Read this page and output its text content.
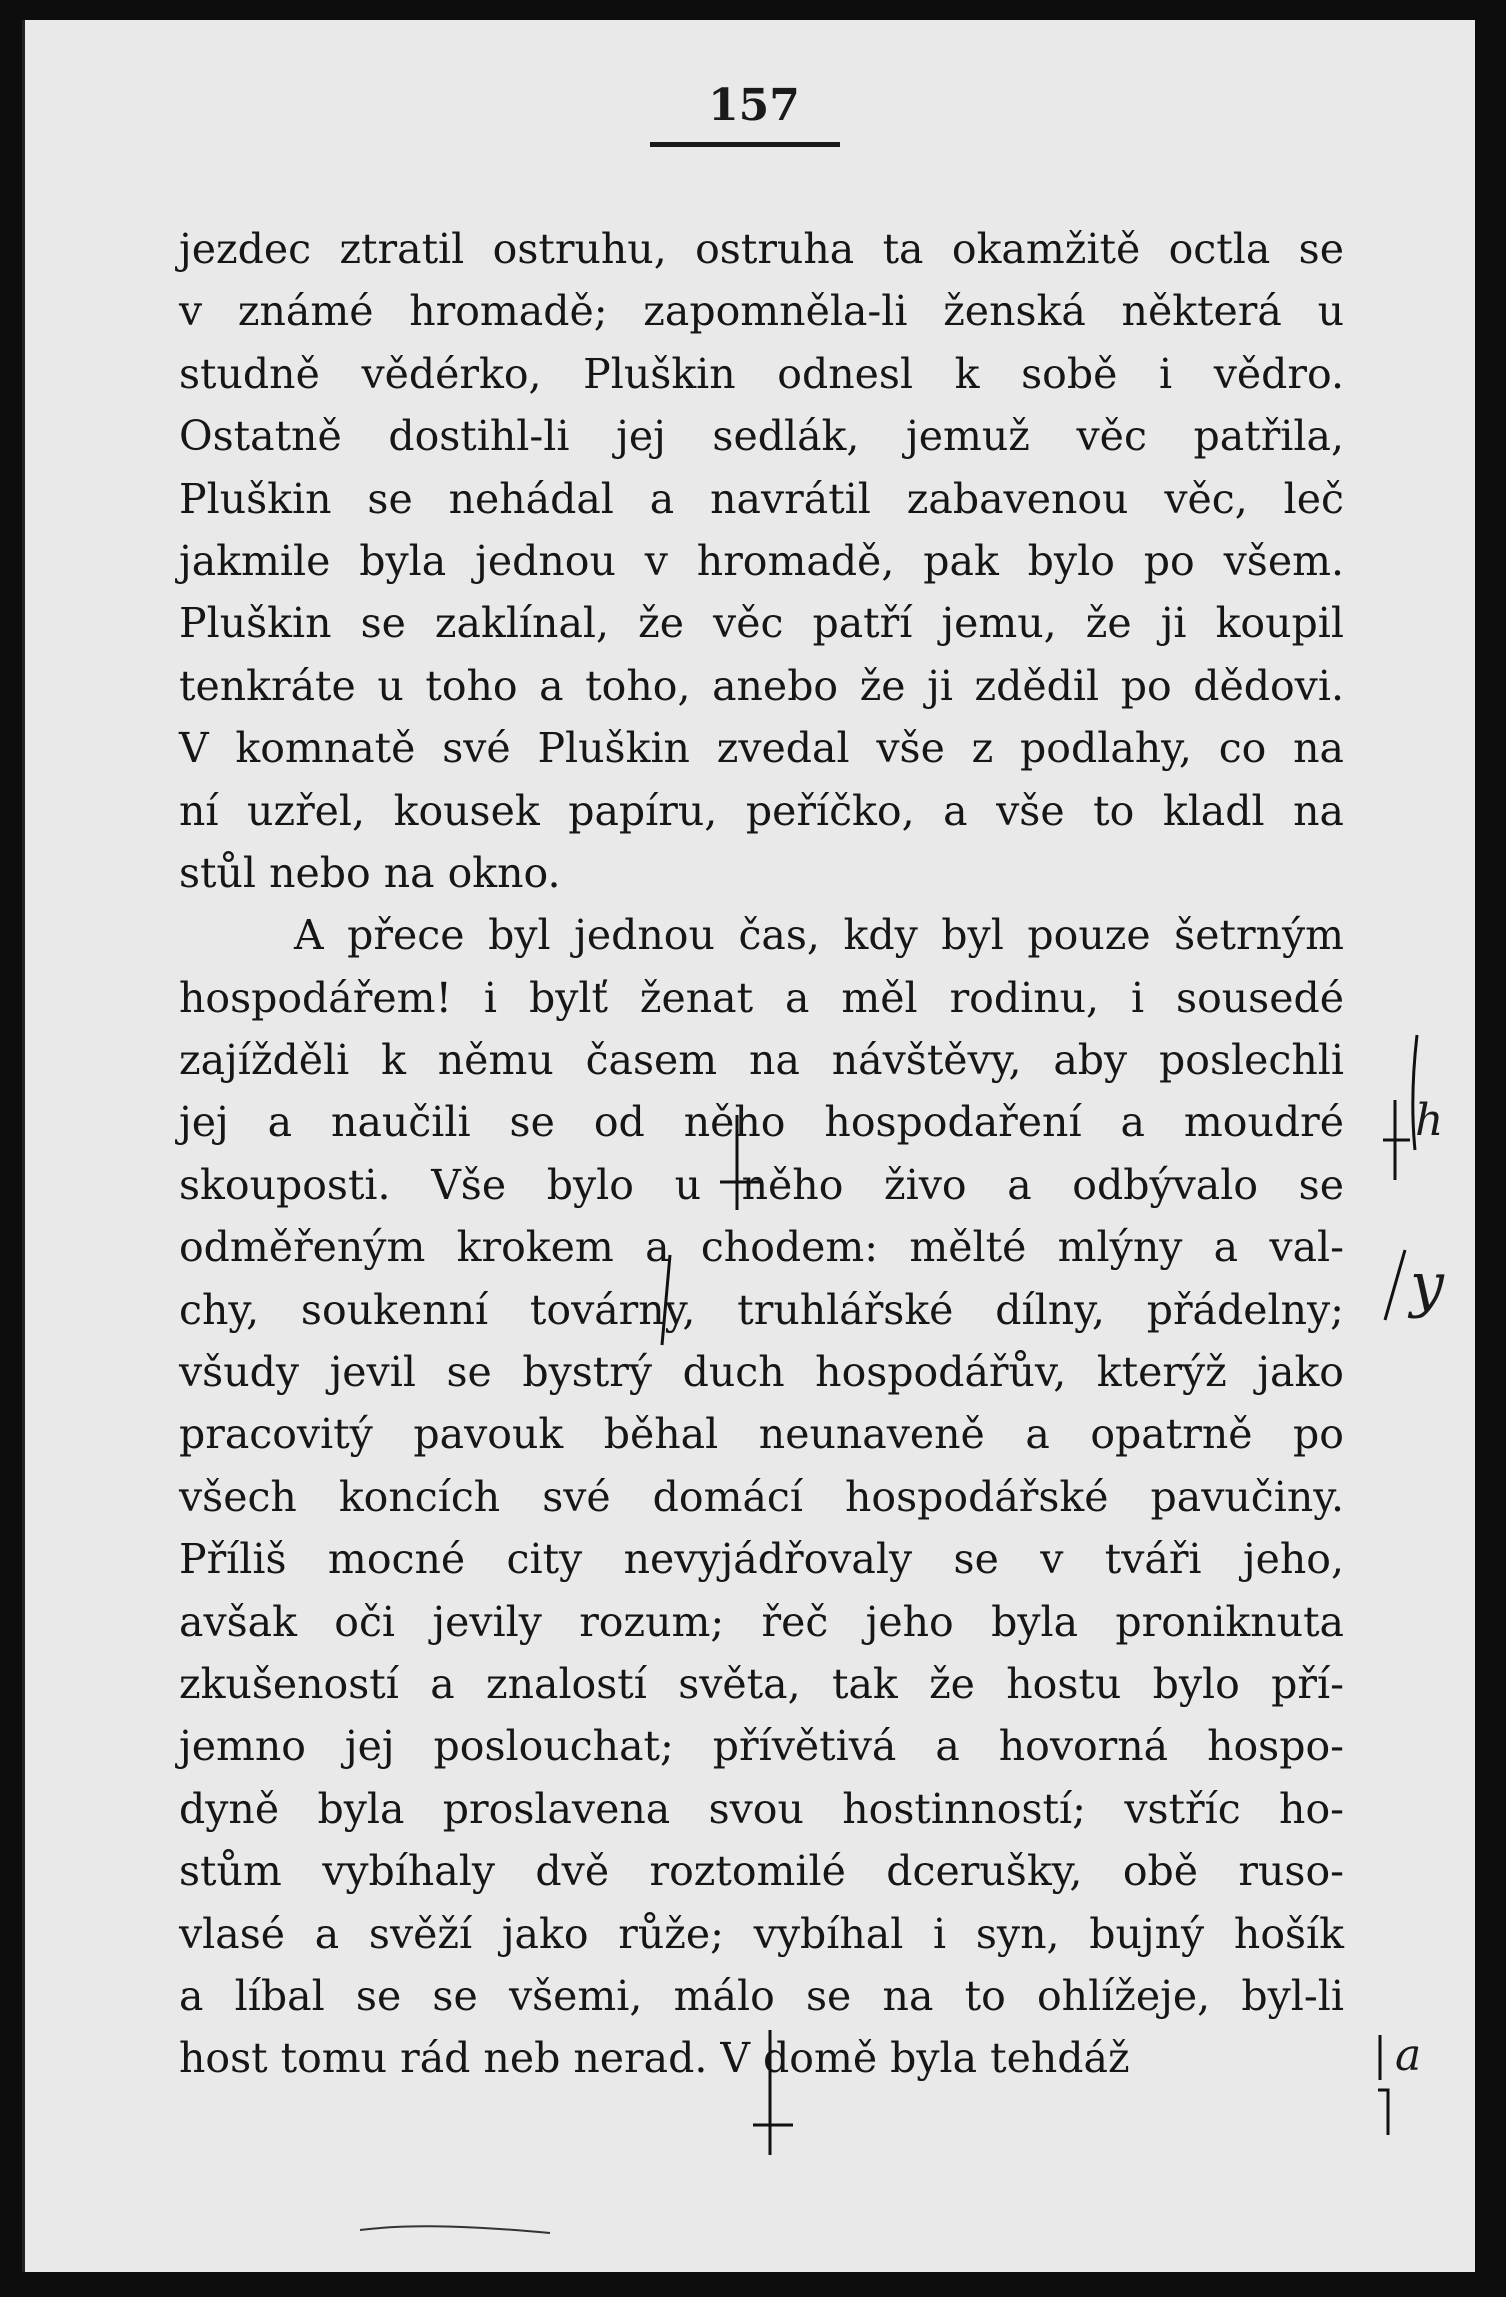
157
jezdec ztratil ostruhu, ostruha ta okamžitě octla se
v známé hromadě; zapomněla-li ženská některá u
studně vědérko, Pluškin odnesl k sobě i vědro.
Ostatně dostihl-li jej sedlák, jemuž věc patřila,
Pluškin se nehádal a navrátil zabavenou věc, leč
jakmile byla jednou v hromadě, pak bylo po všem.
Pluškin se zaklínal, že věc patří jemu, že ji koupil
tenkráte u toho a toho, anebo že ji zdědil po dědovi.
V komnatě své Pluškin zvedal vše z podlahy, co na
ní uzřel, kousek papíru, peříčko, a vše to kladl na
stůl nebo na okno.
A přece byl jednou čas, kdy byl pouze šetrným
hospodářem! i bylť ženat a měl rodinu, i sousedé
zajížděli k němu časem na návštěvy, aby poslechli
jej a naučili se od něho hospodaření a moudré
skouposti. Vše bylo u něho živo a odbývalo se
odměřeným krokem a chodem: mělté mlýny a val-
chy, soukenní továrny, truhlářské dílny, přádelny;
všudy jevil se bystrý duch hospodářův, kterýž jako
pracovitý pavouk běhal neunaveně a opatrně po
všech koncích své domácí hospodářské pavučiny.
Příliš mocné city nevyjádřovaly se v tváři jeho,
avšak oči jevily rozum; řeč jeho byla proniknuta
zkušeností a znalostí světa, tak že hostu bylo pří-
jemno jej poslouchat; přívětivá a hovorná hospo-
dyně byla proslavena svou hostinností; vstříc ho-
stům vybíhaly dvě roztomilé dcerušky, obě ruso-
vlasé a svěží jako růže; vybíhal i syn, bujný hošík
a líbal se se všemi, málo se na to ohlížeje, byl-li
host tomu rád neb nerad. V domě byla tehdáž
h
y
a
